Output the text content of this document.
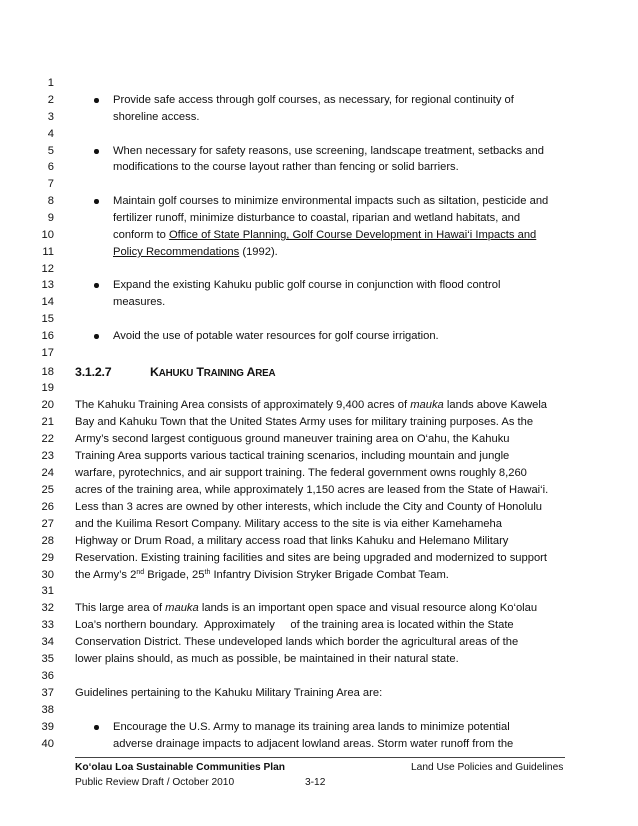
1
2
3
4
5
6
7
8
9
10
11
12
13
14
15
16
17
18
19
20
21
22
23
24
25
26
27
28
29
30
31
32
33
34
35
36
37
38
39
40
Provide safe access through golf courses, as necessary, for regional continuity of
shoreline access.
When necessary for safety reasons, use screening, landscape treatment, setbacks and
modifications to the course layout rather than fencing or solid barriers.
Maintain golf courses to minimize environmental impacts such as siltation, pesticide and
fertilizer runoff, minimize disturbance to coastal, riparian and wetland habitats, and
conform to Office of State Planning, Golf Course Development in Hawai‘i Impacts and
Policy Recommendations (1992).
Expand the existing Kahuku public golf course in conjunction with flood control
measures.
Avoid the use of potable water resources for golf course irrigation.
3.1.2.7	KAHUKU TRAINING AREA
The Kahuku Training Area consists of approximately 9,400 acres of mauka lands above Kawela
Bay and Kahuku Town that the United States Army uses for military training purposes. As the
Army’s second largest contiguous ground maneuver training area on O‘ahu, the Kahuku
Training Area supports various tactical training scenarios, including mountain and jungle
warfare, pyrotechnics, and air support training. The federal government owns roughly 8,260
acres of the training area, while approximately 1,150 acres are leased from the State of Hawai‘i.
Less than 3 acres are owned by other interests, which include the City and County of Honolulu
and the Kuilima Resort Company. Military access to the site is via either Kamehameha
Highway or Drum Road, a military access road that links Kahuku and Helemano Military
Reservation. Existing training facilities and sites are being upgraded and modernized to support
the Army’s 2nd Brigade, 25th Infantry Division Stryker Brigade Combat Team.
This large area of mauka lands is an important open space and visual resource along Ko‘olau
Loa’s northern boundary.  Approximately     of the training area is located within the State
Conservation District. These undeveloped lands which border the agricultural areas of the
lower plains should, as much as possible, be maintained in their natural state.
Guidelines pertaining to the Kahuku Military Training Area are:
Encourage the U.S. Army to manage its training area lands to minimize potential
adverse drainage impacts to adjacent lowland areas. Storm water runoff from the
Ko‘olau Loa Sustainable Communities Plan
Public Review Draft / October 2010	3-12
Land Use Policies and Guidelines
